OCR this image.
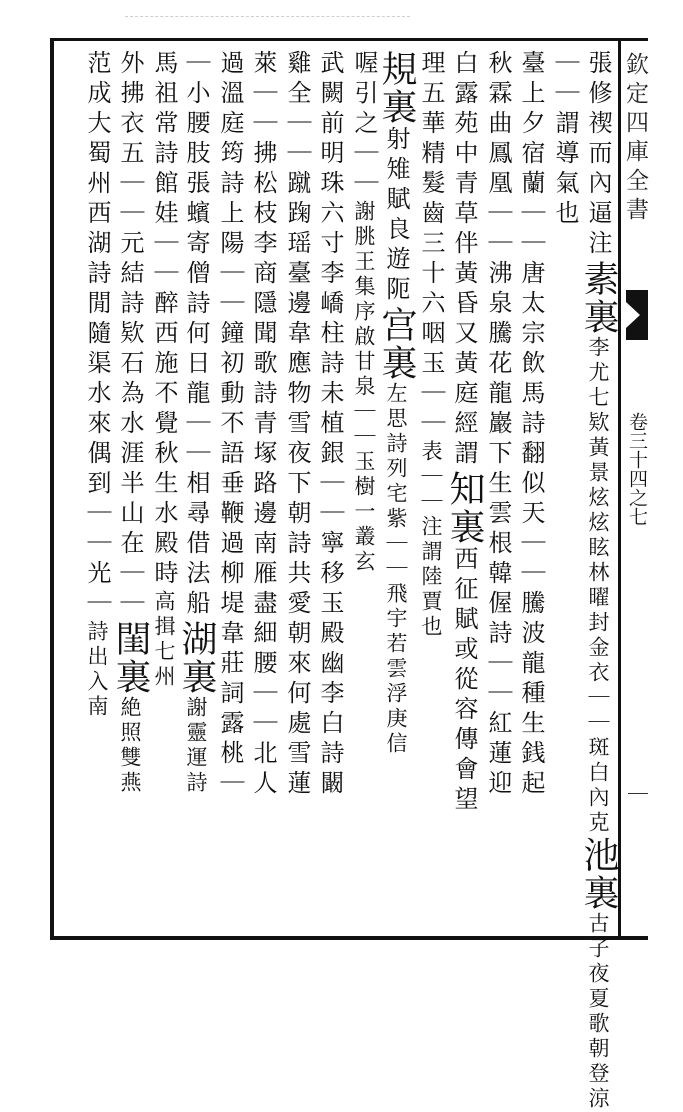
欽定四庫全書
卷三十四之七
張修禊而內逼注素裏李尤七欵黃景炫炫眩林曜封金衣｜｜斑白內克池裏古子夜夏歌朝登涼
｜｜謂導氣也
臺上夕宿蘭｜｜唐太宗飲馬詩翻似天｜｜騰波龍種生銭起
秋霖曲鳳凰｜｜沸泉騰花龍巖下生雲根韓偓詩｜｜紅蓮迎
白露苑中青草伴黃昏又黃庭經謂知裏西征賦或從容傳會望
理五華精髮齒三十六咽玉｜｜表｜｜注謂陸賈也
規裏射雉賦良遊阨宫裏左思詩列宅紫｜｜飛宇若雲浮庚信
喔引之｜｜謝朓王集序啟甘泉｜｜玉樹一叢玄
武闕前明珠六寸李嶠柱詩未植銀｜｜寧移玉殿幽李白詩闞
雞全｜｜蹴踘瑶臺邊韋應物雪夜下朝詩共愛朝來何處雪蓮
萊｜｜拂松枝李商隱聞歌詩青塚路邊南雁盡細腰｜｜北人
過溫庭筠詩上陽｜｜鐘初動不語垂鞭過柳堤韋莊詞露桃｜
｜小腰肢張蠙寄僧詩何日龍｜｜相尋借法船湖裏謝靈運詩
馬祖常詩館娃｜｜醉西施不覺秋生水殿時高揖七州
外拂衣五｜｜元結詩欵石為水涯半山在｜｜閨裏絶照雙燕
范成大蜀州西湖詩閒隨渠水來偶到｜｜光｜詩出入南
